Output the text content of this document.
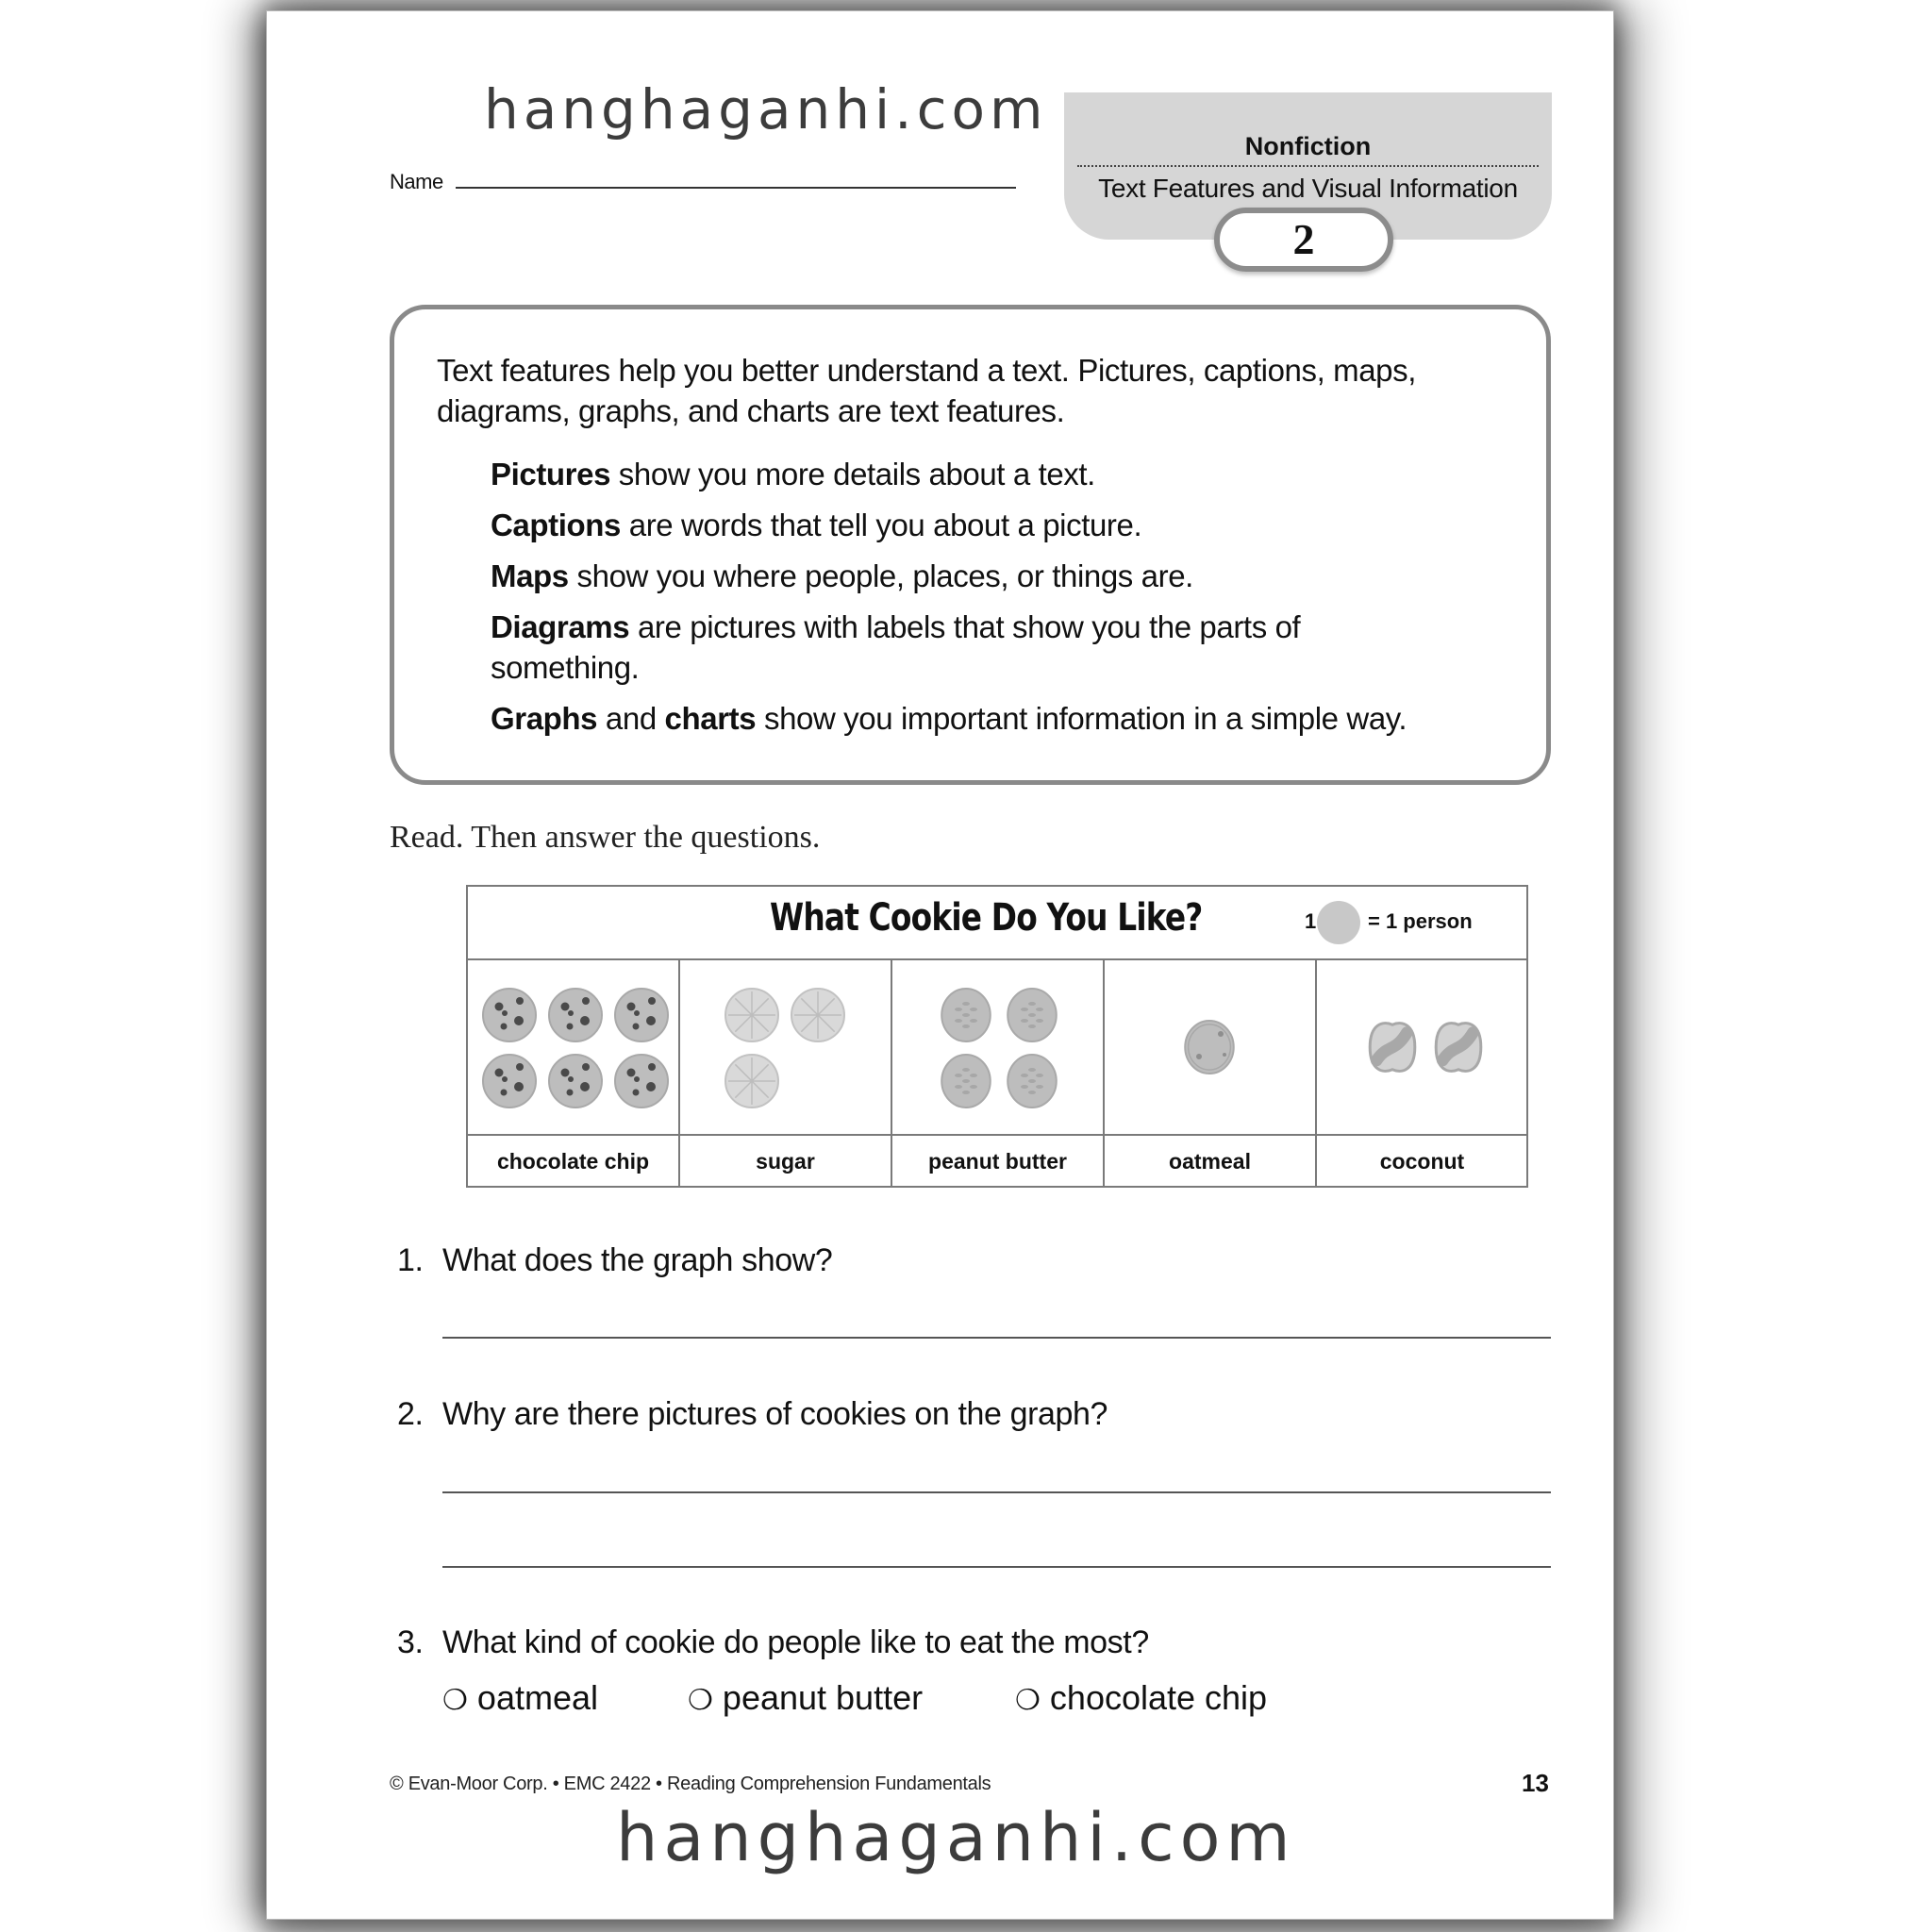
hanghaganhi.com
Name
Nonfiction
Text Features and Visual Information
2
Text features help you better understand a text. Pictures, captions, maps, diagrams, graphs, and charts are text features.
Pictures show you more details about a text.
Captions are words that tell you about a picture.
Maps show you where people, places, or things are.
Diagrams are pictures with labels that show you the parts of something.
Graphs and charts show you important information in a simple way.
Read. Then answer the questions.
What Cookie Do You Like?	1 = 1 person
chocolate chip	sugar	peanut butter	oatmeal	coconut
1. What does the graph show?
2. Why are there pictures of cookies on the graph?
3. What kind of cookie do people like to eat the most?
❍ oatmeal	❍ peanut butter	❍ chocolate chip
© Evan-Moor Corp. • EMC 2422 • Reading Comprehension Fundamentals	13
hanghaganhi.com
